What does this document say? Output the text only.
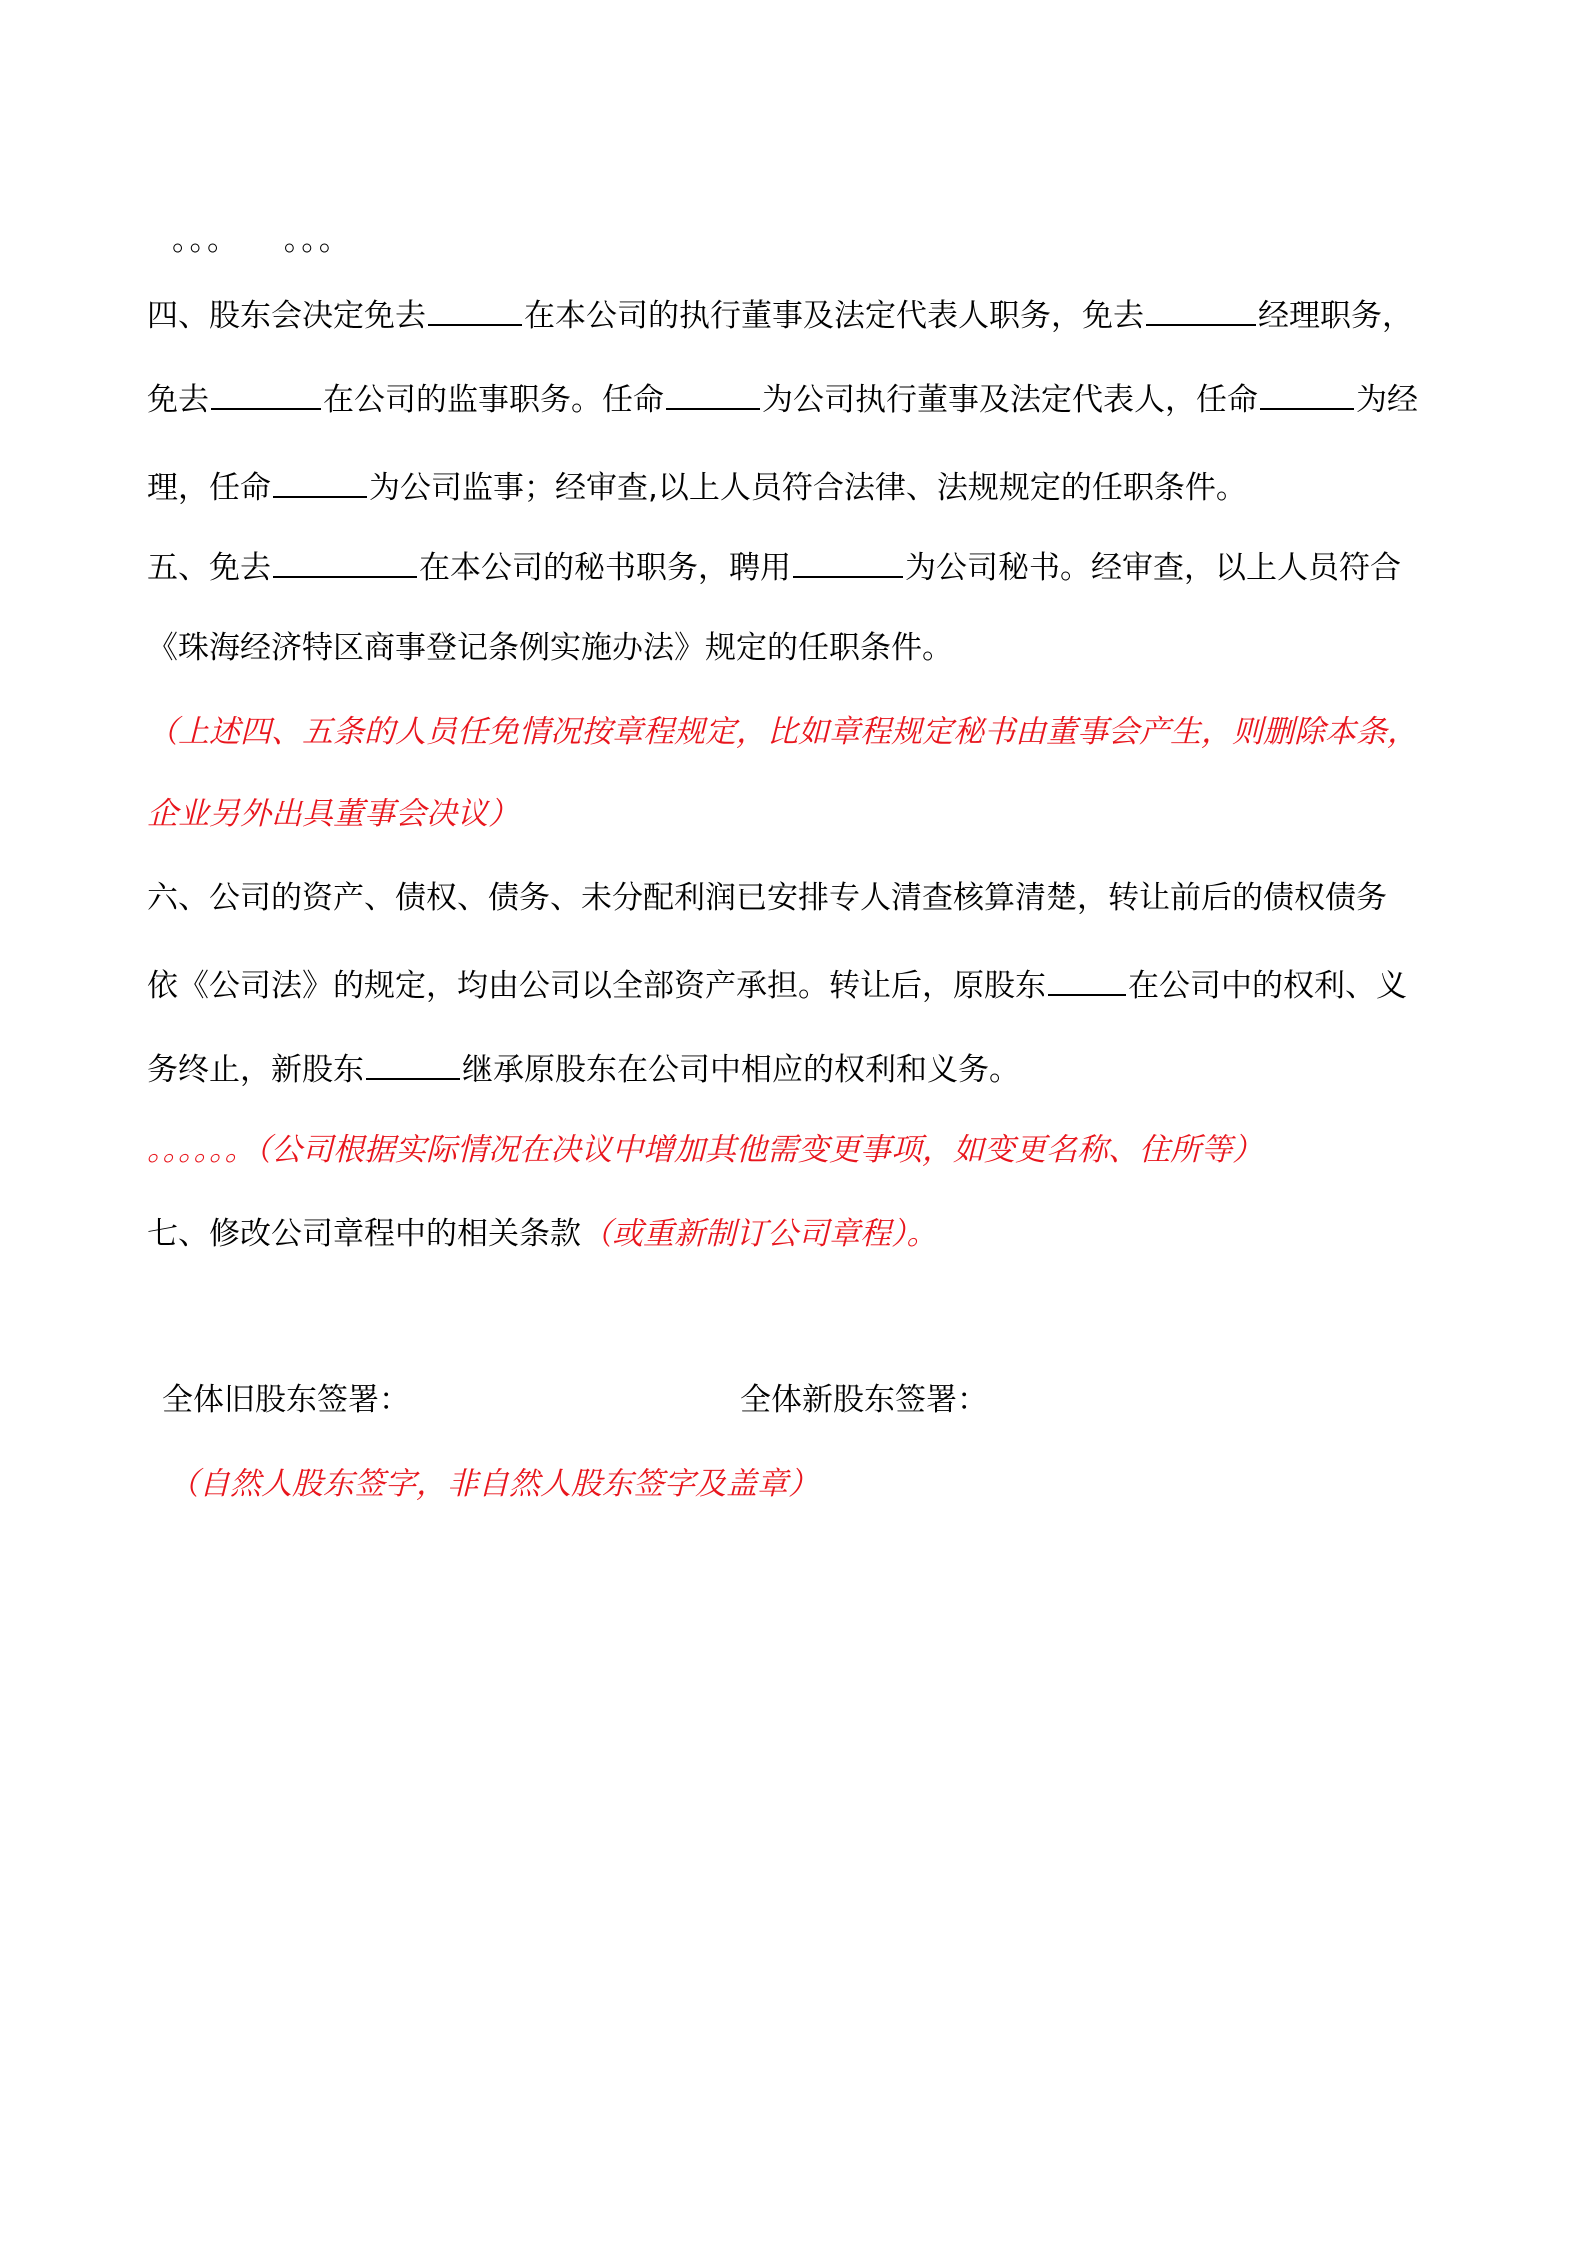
。。。 。。。
四、股东会决定免去	在本公司的执行董事及法定代表人职务，免去	经理职务，
免去	在公司的监事职务。任命	为公司执行董事及法定代表人，任命	为经
理，任命	为公司监事；经审查,以上人员符合法律、法规规定的任职条件。
五、免去	在本公司的秘书职务，聘用	为公司秘书。经审查，以上人员符合
《珠海经济特区商事登记条例实施办法》规定的任职条件。
（上述四、五条的人员任免情况按章程规定，比如章程规定秘书由董事会产生，则删除本条，
企业另外出具董事会决议）
六、公司的资产、债权、债务、未分配利润已安排专人清查核算清楚，转让前后的债权债务
依《公司法》的规定，均由公司以全部资产承担。转让后，原股东	在公司中的权利、义
务终止，新股东	继承原股东在公司中相应的权利和义务。
。。。。。。（公司根据实际情况在决议中增加其他需变更事项，如变更名称、住所等）
七、修改公司章程中的相关条款（或重新制订公司章程）。
全体旧股东签署：	全体新股东签署：
（自然人股东签字，非自然人股东签字及盖章）
